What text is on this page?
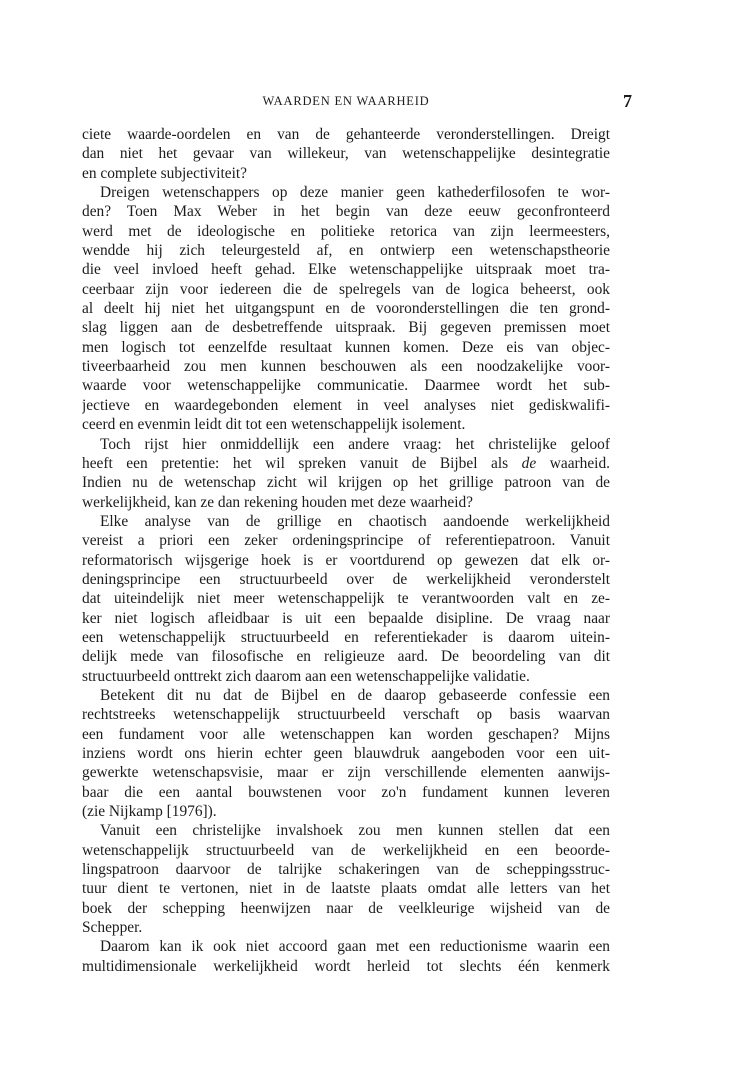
WAARDEN EN WAARHEID	7
ciete waarde-oordelen en van de gehanteerde veronderstellingen. Dreigt
dan niet het gevaar van willekeur, van wetenschappelijke desintegratie
en complete subjectiviteit?
Dreigen wetenschappers op deze manier geen kathederfilosofen te wor-
den? Toen Max Weber in het begin van deze eeuw geconfronteerd
werd met de ideologische en politieke retorica van zijn leermeesters,
wendde hij zich teleurgesteld af, en ontwierp een wetenschapstheorie
die veel invloed heeft gehad. Elke wetenschappelijke uitspraak moet tra-
ceerbaar zijn voor iedereen die de spelregels van de logica beheerst, ook
al deelt hij niet het uitgangspunt en de vooronderstellingen die ten grond-
slag liggen aan de desbetreffende uitspraak. Bij gegeven premissen moet
men logisch tot eenzelfde resultaat kunnen komen. Deze eis van objec-
tiveerbaarheid zou men kunnen beschouwen als een noodzakelijke voor-
waarde voor wetenschappelijke communicatie. Daarmee wordt het sub-
jectieve en waardegebonden element in veel analyses niet gediskwalifi-
ceerd en evenmin leidt dit tot een wetenschappelijk isolement.
Toch rijst hier onmiddellijk een andere vraag: het christelijke geloof
heeft een pretentie: het wil spreken vanuit de Bijbel als de waarheid.
Indien nu de wetenschap zicht wil krijgen op het grillige patroon van de
werkelijkheid, kan ze dan rekening houden met deze waarheid?
Elke analyse van de grillige en chaotisch aandoende werkelijkheid
vereist a priori een zeker ordeningsprincipe of referentiepatroon. Vanuit
reformatorisch wijsgerige hoek is er voortdurend op gewezen dat elk or-
deningsprincipe een structuurbeeld over de werkelijkheid veronderstelt
dat uiteindelijk niet meer wetenschappelijk te verantwoorden valt en ze-
ker niet logisch afleidbaar is uit een bepaalde disipline. De vraag naar
een wetenschappelijk structuurbeeld en referentiekader is daarom uitein-
delijk mede van filosofische en religieuze aard. De beoordeling van dit
structuurbeeld onttrekt zich daarom aan een wetenschappelijke validatie.
Betekent dit nu dat de Bijbel en de daarop gebaseerde confessie een
rechtstreeks wetenschappelijk structuurbeeld verschaft op basis waarvan
een fundament voor alle wetenschappen kan worden geschapen? Mijns
inziens wordt ons hierin echter geen blauwdruk aangeboden voor een uit-
gewerkte wetenschapsvisie, maar er zijn verschillende elementen aanwijs-
baar die een aantal bouwstenen voor zo'n fundament kunnen leveren
(zie Nijkamp [1976]).
Vanuit een christelijke invalshoek zou men kunnen stellen dat een
wetenschappelijk structuurbeeld van de werkelijkheid en een beoorde-
lingspatroon daarvoor de talrijke schakeringen van de scheppingsstruc-
tuur dient te vertonen, niet in de laatste plaats omdat alle letters van het
boek der schepping heenwijzen naar de veelkleurige wijsheid van de
Schepper.
Daarom kan ik ook niet accoord gaan met een reductionisme waarin een
multidimensionale werkelijkheid wordt herleid tot slechts één kenmerk
